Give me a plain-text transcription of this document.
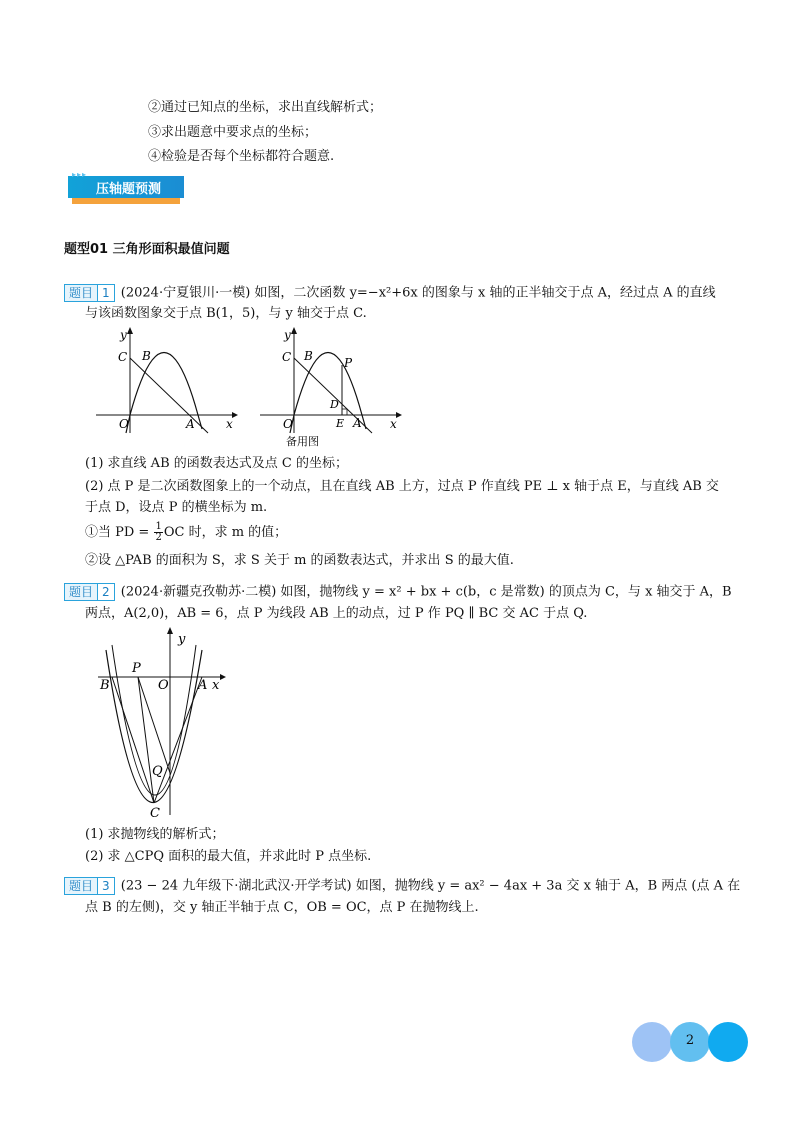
②通过已知点的坐标，求出直线解析式；
③求出题意中要求点的坐标；
④检验是否每个坐标都符合题意.
▸▸▸
压轴题预测
题型01 三角形面积最值问题
题目 1 (2024·宁夏银川·一模) 如图，二次函数 y=−x²+6x 的图象与 x 轴的正半轴交于点 A，经过点 A 的直线
与该函数图象交于点 B(1，5)，与 y 轴交于点 C.
y
C B
O	A	x
y
C B	P
D
O	E A x
备用图
(1) 求直线 AB 的函数表达式及点 C 的坐标；
(2) 点 P 是二次函数图象上的一个动点，且在直线 AB 上方，过点 P 作直线 PE ⊥ x 轴于点 E，与直线 AB 交
于点 D，设点 P 的横坐标为 m.
①当 PD = $\frac{1}{2}$ OC 时，求 m 的值；
②设 △PAB 的面积为 S，求 S 关于 m 的函数表达式，并求出 S 的最大值.
题目 2 (2024·新疆克孜勒苏·二模) 如图，抛物线 y = x² + bx + c(b，c 是常数) 的顶点为 C，与 x 轴交于 A，B
两点，A(2,0)，AB = 6，点 P 为线段 AB 上的动点，过 P 作 PQ ∥ BC 交 AC 于点 Q.
y
P
B	O A x
Q
C
(1) 求抛物线的解析式；
(2) 求 △CPQ 面积的最大值，并求此时 P 点坐标.
题目 3 (23 − 24 九年级下·湖北武汉·开学考试) 如图，抛物线 y = ax² − 4ax + 3a 交 x 轴于 A，B 两点 (点 A 在
点 B 的左侧)，交 y 轴正半轴于点 C，OB = OC，点 P 在抛物线上.
2
